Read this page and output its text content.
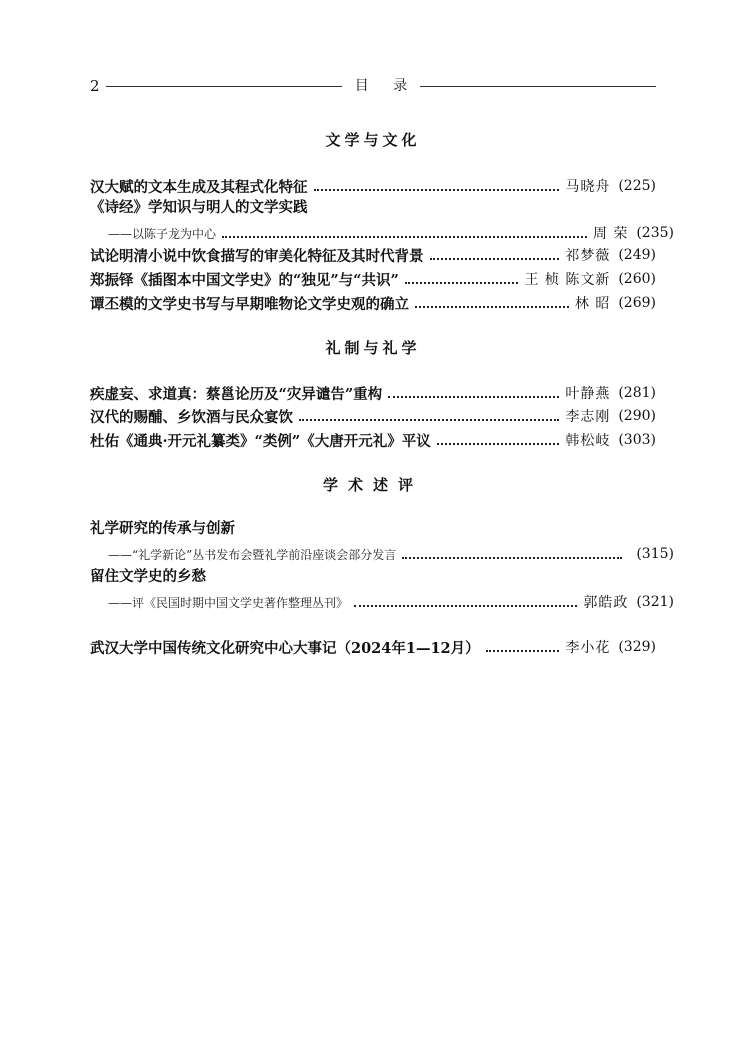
2	目 录
文学与文化
汉大赋的文本生成及其程式化特征	马晓舟 (225)
《诗经》学知识与明人的文学实践
——以陈子龙为中心	周 荣 (235)
试论明清小说中饮食描写的审美化特征及其时代背景	祁梦薇 (249)
郑振铎《插图本中国文学史》的“独见”与“共识”	王 桢 陈文新 (260)
谭丕模的文学史书写与早期唯物论文学史观的确立	林 昭 (269)
礼制与礼学
疾虚妄、求道真：蔡邕论历及“灾异谴告”重构	叶静燕 (281)
汉代的赐酺、乡饮酒与民众宴饮	李志刚 (290)
杜佑《通典·开元礼纂类》“类例”《大唐开元礼》平议	韩松岐 (303)
学术述评
礼学研究的传承与创新
——“礼学新论”丛书发布会暨礼学前沿座谈会部分发言	(315)
留住文学史的乡愁
——评《民国时期中国文学史著作整理丛刊》	郭皓政 (321)
武汉大学中国传统文化研究中心大事记（2024年1—12月）	李小花 (329)
